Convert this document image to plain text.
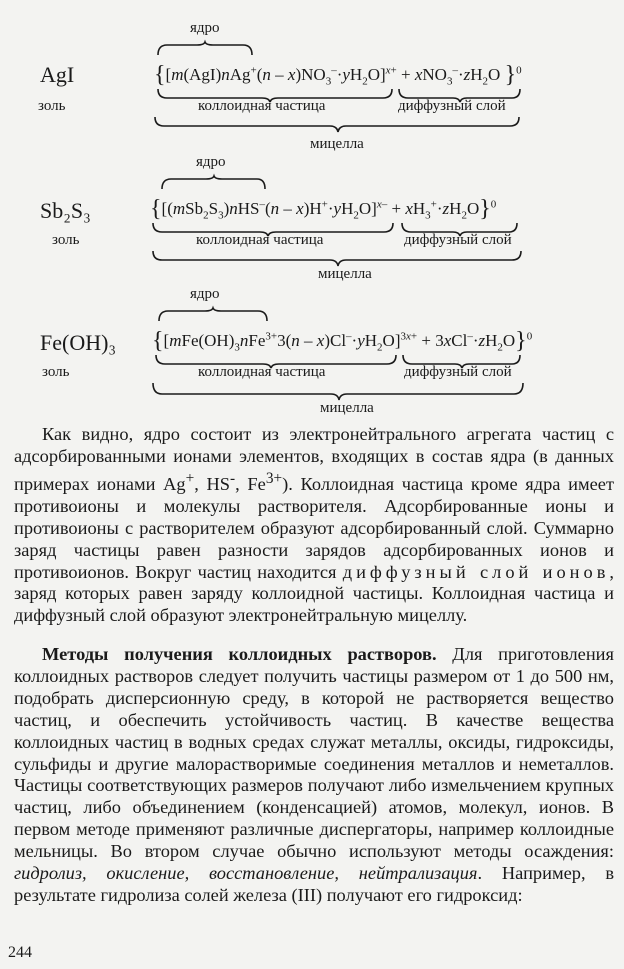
ядро
AgI	{$[m(AgI)nAg^+(n - x)NO_3^-\cdot yH_2O]^{x+} + xNO_3^-\cdot zH_2O$ }$^0$
золь	коллоидная частица	диффузный слой
мицелла
ядро
Sb₂S₃ $\{[(mSb_2S_3)nHS^-(n - x)H^+\cdot yH_2O]^{x-} + xH_3^+\cdot zH_2O\}^0$
золь	коллоидная частица	диффузный слой
мицелла
ядро
Fe(OH)₃ $\{[mFe(OH)_3nFe^{3+}3(n - x)Cl^-\cdot yH_2O]^{3x+} + 3xCl^-\cdot zH_2O\}^0$
золь	коллоидная частица	диффузный слой
мицелла

Как видно, ядро состоит из электронейтрального агрегата частиц с адсорбированными ионами элементов, входящих в состав ядра (в данных примерах ионами Ag+, HS-, $Fe^{3+}$). Коллоидная частица кроме ядра имеет противоионы и молекулы растворителя. Адсорбированные ионы и противоионы с растворителем образуют адсорбированный слой. Суммарно заряд частицы равен разности зарядов адсорбированных ионов и противоионов. Вокруг частиц находится диффузный слой ионов, заряд которых равен заряду коллоидной частицы. Коллоидная частица и диффузный слой образуют электронейтральную мицеллу.

Методы получения коллоидных растворов. Для приготовления коллоидных растворов следует получить частицы размером от 1 до 500 нм, подобрать дисперсионную среду, в которой не растворяется вещество частиц, и обеспечить устойчивость частиц. В качестве вещества коллоидных частиц в водных средах служат металлы, оксиды, гидроксиды, сульфиды и другие малорастворимые соединения металлов и неметаллов. Частицы соответствующих размеров получают либо измельчением крупных частиц, либо объединением (конденсацией) атомов, молекул, ионов. В первом методе применяют различные диспергаторы, например коллоидные мельницы. Во втором случае обычно используют методы осаждения: гидролиз, окисление, восстановление, нейтрализация. Например, в результате гидролиза солей железа (III) получают его гидроксид:

244
